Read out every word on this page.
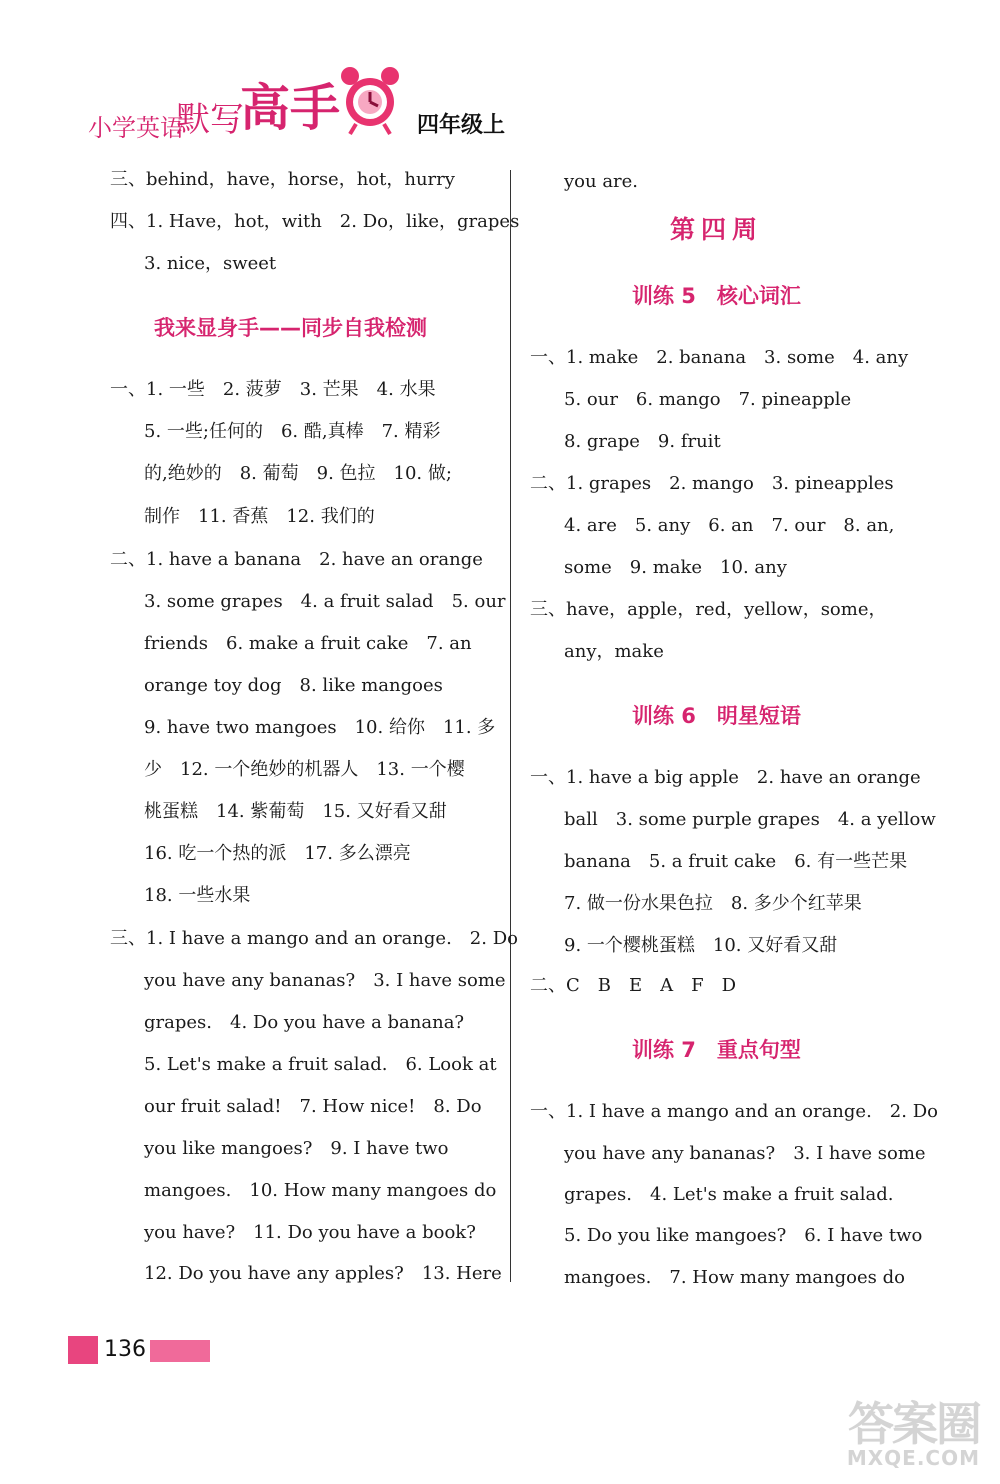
小学英语
默写
高手	四年级上
三、behind，have，horse，hot，hurry
四、1. Have，hot，with　2. Do，like，grapes
3. nice，sweet
我来显身手——同步自我检测
一、1. 一些　2. 菠萝　3. 芒果　4. 水果
5. 一些;任何的　6. 酷,真棒　7. 精彩
的,绝妙的　8. 葡萄　9. 色拉　10. 做;
制作　11. 香蕉　12. 我们的
二、1. have a banana　2. have an orange
3. some grapes　4. a fruit salad　5. our
friends　6. make a fruit cake　7. an
orange toy dog　8. like mangoes
9. have two mangoes　10. 给你　11. 多
少　12. 一个绝妙的机器人　13. 一个樱
桃蛋糕　14. 紫葡萄　15. 又好看又甜
16. 吃一个热的派　17. 多么漂亮
18. 一些水果
三、1. I have a mango and an orange.　2. Do
you have any bananas?　3. I have some
grapes.　4. Do you have a banana?
5. Let's make a fruit salad.　6. Look at
our fruit salad!　7. How nice!　8. Do
you like mangoes?　9. I have two
mangoes.　10. How many mangoes do
you have?　11. Do you have a book?
12. Do you have any apples?　13. Here
you are.
第四周
训练 5　核心词汇
一、1. make　2. banana　3. some　4. any
5. our　6. mango　7. pineapple
8. grape　9. fruit
二、1. grapes　2. mango　3. pineapples
4. are　5. any　6. an　7. our　8. an,
some　9. make　10. any
三、have，apple，red，yellow，some，
any，make
训练 6　明星短语
一、1. have a big apple　2. have an orange
ball　3. some purple grapes　4. a yellow
banana　5. a fruit cake　6. 有一些芒果
7. 做一份水果色拉　8. 多少个红苹果
9. 一个樱桃蛋糕　10. 又好看又甜
二、C　B　E　A　F　D
训练 7　重点句型
一、1. I have a mango and an orange.　2. Do
you have any bananas?　3. I have some
grapes.　4. Let's make a fruit salad.
5. Do you like mangoes?　6. I have two
mangoes.　7. How many mangoes do
136
答案圈
MXQE.COM
